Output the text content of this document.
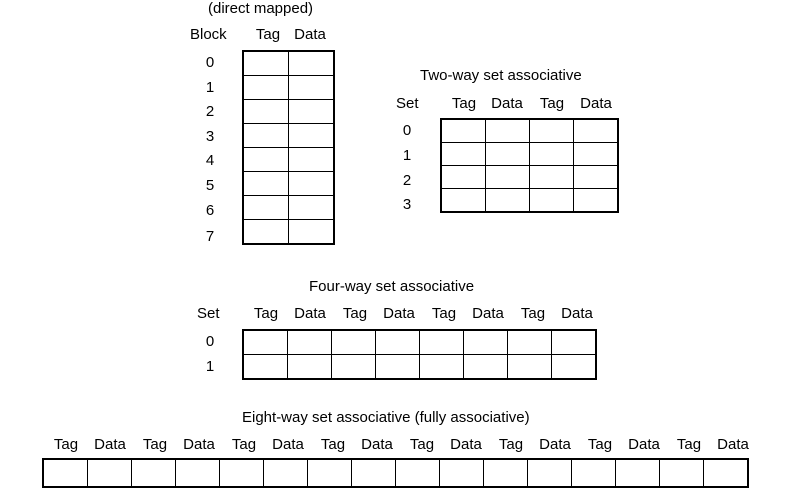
(direct mapped)
Block	Tag Data
0
1
2
3
4
5
6
7

Two-way set associative
Set	Tag	Data	Tag	Data
0
1
2
3

Four-way set associative
Set	Tag	Data	Tag	Data	Tag	Data	Tag	Data
0
1

Eight-way set associative (fully associative)
Tag	Data	Tag	Data	Tag	Data	Tag	Data	Tag	Data	Tag	Data	Tag	Data	Tag	Data
